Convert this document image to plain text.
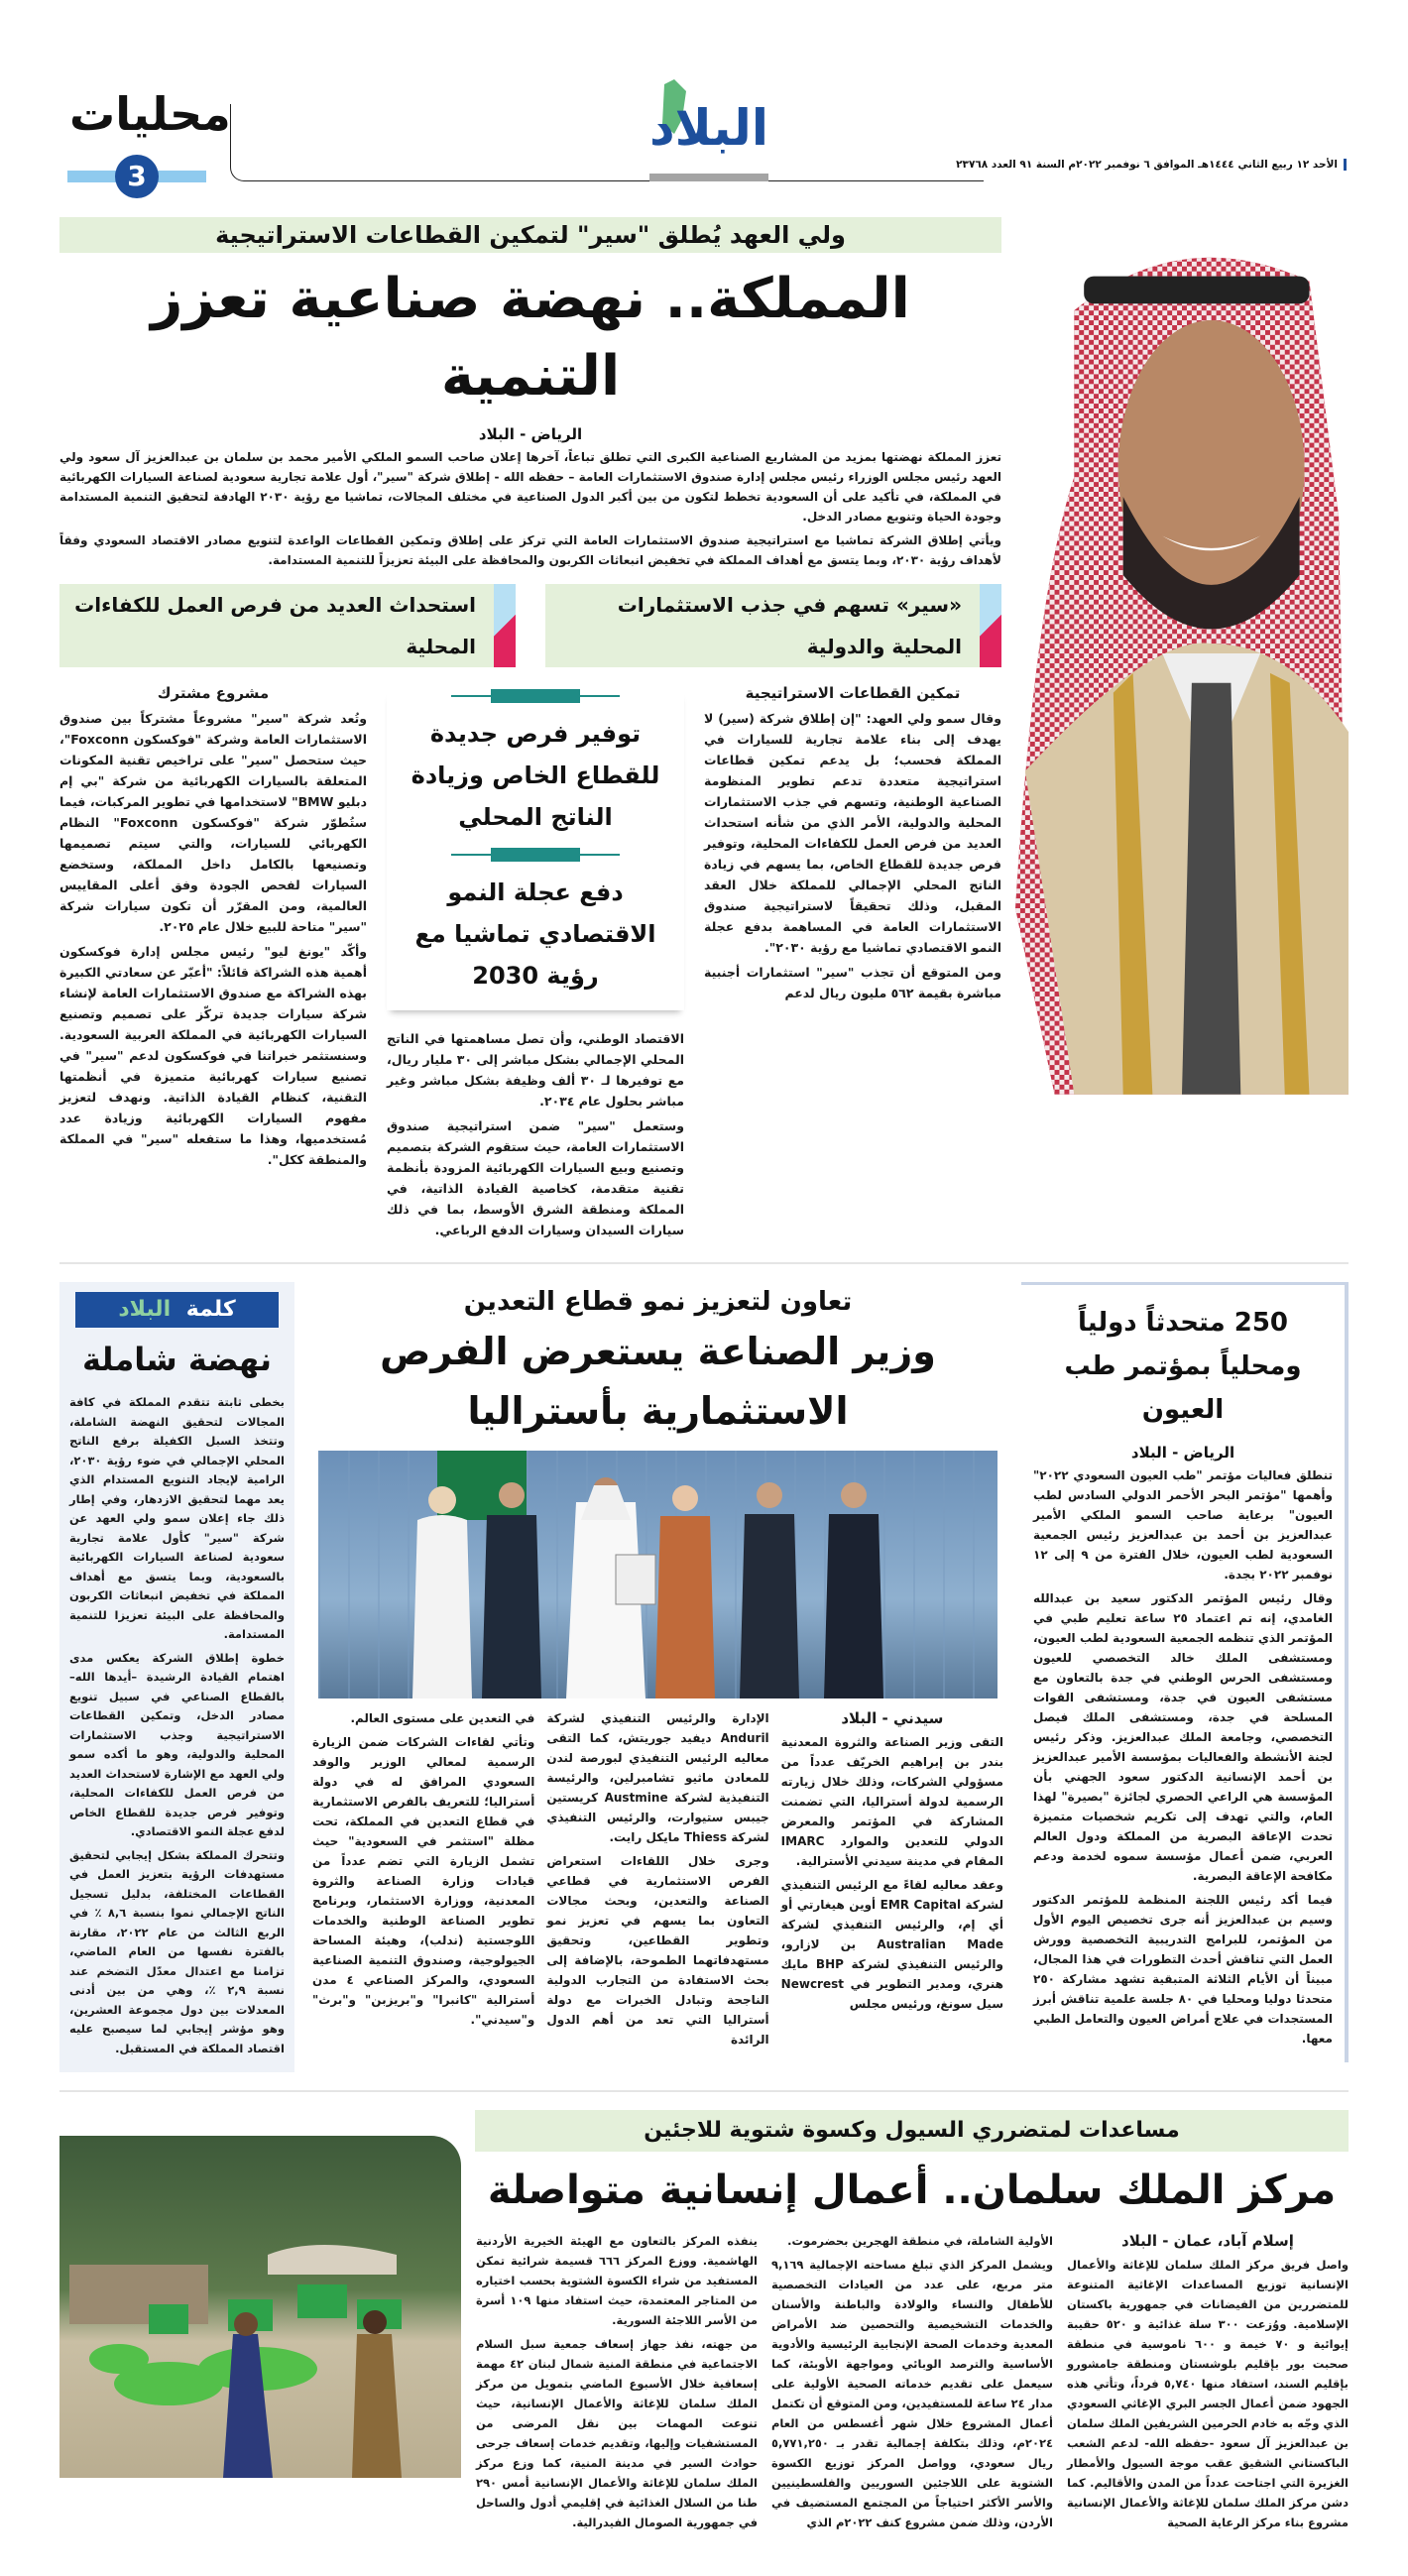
محليات
3
البلاد
الأحد ١٢ ربيع الثاني ١٤٤٤هـ الموافق ٦ نوفمبر ٢٠٢٢م السنة ٩١ العدد ٢٣٧٦٨
ولي العهد يُطلق "سير" لتمكين القطاعات الاستراتيجية
المملكة.. نهضة صناعية تعزز التنمية
الرياض - البلاد

تعزز المملكة نهضتها بمزيد من المشاريع الصناعية الكبرى التي تطلق تباعاً، آخرها إعلان صاحب السمو الملكي الأمير محمد بن سلمان بن عبدالعزيز آل سعود ولي العهد رئيس مجلس الوزراء رئيس مجلس إدارة صندوق الاستثمارات العامة – حفظه الله - إطلاق شركة "سير"، أول علامة تجارية سعودية لصناعة السيارات الكهربائية في المملكة، في تأكيد على أن السعودية تخطط لتكون من بين أكبر الدول الصناعية في مختلف المجالات، تماشيا مع رؤية ٢٠٣٠ الهادفة لتحقيق التنمية المستدامة وجودة الحياة وتنويع مصادر الدخل.

ويأتي إطلاق الشركة تماشيا مع استراتيجية صندوق الاستثمارات العامة التي تركز على إطلاق وتمكين القطاعات الواعدة لتنويع مصادر الاقتصاد السعودي وفقاً لأهداف رؤية ٢٠٣٠، وبما يتسق مع أهداف المملكة في تخفيض انبعاثات الكربون والمحافظة على البيئة تعزيزاً للتنمية المستدامة.

«سير» تسهم في جذب الاستثمارات المحلية والدولية
استحداث العديد من فرص العمل للكفاءات المحلية
تمكين القطاعات الاستراتيجية

وقال سمو ولي العهد: "إن إطلاق شركة (سير) لا يهدف إلى بناء علامة تجارية للسيارات في المملكة فحسب؛ بل يدعم تمكين قطاعات استراتيجية متعددة تدعم تطوير المنظومة الصناعية الوطنية، وتسهم في جذب الاستثمارات المحلية والدولية، الأمر الذي من شأنه استحداث العديد من فرص العمل للكفاءات المحلية، وتوفير فرص جديدة للقطاع الخاص، بما يسهم في زيادة الناتج المحلي الإجمالي للمملكة خلال العقد المقبل، وذلك تحقيقاً لاستراتيجية صندوق الاستثمارات العامة في المساهمة بدفع عجلة النمو الاقتصادي تماشيا مع رؤية ٢٠٣٠".

ومن المتوقع أن تجذب "سير" استثمارات أجنبية مباشرة بقيمة ٥٦٢ مليون ريال لدعم

توفير فرص جديدة للقطاع الخاص وزيادة الناتج المحلي
دفع عجلة النمو الاقتصادي تماشيا مع رؤية 2030

الاقتصاد الوطني، وأن تصل مساهمتها في الناتج المحلي الإجمالي بشكل مباشر إلى ٣٠ مليار ريال، مع توفيرها لـ ٣٠ ألف وظيفة بشكل مباشر وغير مباشر بحلول عام ٢٠٣٤.

وستعمل "سير" ضمن استراتيجية صندوق الاستثمارات العامة، حيث ستقوم الشركة بتصميم وتصنيع وبيع السيارات الكهربائية المزودة بأنظمة تقنية متقدمة، كخاصية القيادة الذاتية، في المملكة ومنطقة الشرق الأوسط، بما في ذلك سيارات السيدان وسيارات الدفع الرباعي.

مشروع مشترك

وتُعد شركة "سير" مشروعاً مشتركاً بين صندوق الاستثمارات العامة وشركة "فوكسكون Foxconn"، حيث ستحصل "سير" على تراخيص تقنية المكونات المتعلقة بالسيارات الكهربائية من شركة "بي إم دبليو BMW" لاستخدامها في تطوير المركبات، فيما ستُطوّر شركة "فوكسكون Foxconn" النظام الكهربائي للسيارات، والتي سيتم تصميمها وتصنيعها بالكامل داخل المملكة، وستخضع السيارات لفحص الجودة وفق أعلى المقاييس العالمية، ومن المقرّر أن تكون سيارات شركة "سير" متاحة للبيع خلال عام ٢٠٢٥.

وأكّد "يونغ ليو" رئيس مجلس إدارة فوكسكون أهمية هذه الشراكة قائلاً: "أعبّر عن سعادتي الكبيرة بهذه الشراكة مع صندوق الاستثمارات العامة لإنشاء شركة سيارات جديدة تركّز على تصميم وتصنيع السيارات الكهربائية في المملكة العربية السعودية. وسنستثمر خبراتنا في فوكسكون لدعم "سير" في تصنيع سيارات كهربائية متميزة في أنظمتها التقنية، كنظام القيادة الذاتية. ونهدف لتعزيز مفهوم السيارات الكهربائية وزيادة عدد مُستخدميها، وهذا ما ستفعله "سير" في المملكة والمنطقة ككل".

250 متحدثاً دولياً ومحلياً بمؤتمر طب العيون
الرياض - البلاد

تنطلق فعاليات مؤتمر "طب العيون السعودي ٢٠٢٢" وأهمها "مؤتمر البحر الأحمر الدولي السادس لطب العيون" برعاية صاحب السمو الملكي الأمير عبدالعزيز بن أحمد بن عبدالعزيز رئيس الجمعية السعودية لطب العيون، خلال الفترة من ٩ إلى ١٢ نوفمبر ٢٠٢٢ بجدة.

وقال رئيس المؤتمر الدكتور سعيد بن عبدالله الغامدي، إنه تم اعتماد ٢٥ ساعة تعليم طبي في المؤتمر الذي تنظمه الجمعية السعودية لطب العيون، ومستشفى الملك خالد التخصصي للعيون ومستشفى الحرس الوطني في جدة بالتعاون مع مستشفى العيون في جدة، ومستشفى القوات المسلحة في جدة، ومستشفى الملك فيصل التخصصي، وجامعة الملك عبدالعزيز. وذكر رئيس لجنة الأنشطة والفعاليات بمؤسسة الأمير عبدالعزيز بن أحمد الإنسانية الدكتور سعود الجهني بأن المؤسسة هي الراعي الحصري لجائزة "بصيرة" لهذا العام، والتي تهدف إلى تكريم شخصيات متميزة تحدت الإعاقة البصرية من المملكة ودول العالم العربي، ضمن أعمال مؤسسة سموه لخدمة ودعم مكافحة الإعاقة البصرية.

فيما أكد رئيس اللجنة المنظمة للمؤتمر الدكتور وسيم بن عبدالعزيز أنه جرى تخصيص اليوم الأول من المؤتمر، للبرامج التدريبية التخصصية وورش العمل التي تناقش أحدث التطورات في هذا المجال، مبيناً أن الأيام الثلاثة المتبقية تشهد مشاركة ٢٥٠ متحدثا دوليا ومحليا في ٨٠ جلسة علمية تناقش أبرز المستجدات في علاج أمراض العيون والتعامل الطبي معها.

تعاون لتعزيز نمو قطاع التعدين
وزير الصناعة يستعرض الفرص الاستثمارية بأستراليا
سيدني - البلاد

التقى وزير الصناعة والثروة المعدنية بندر بن إبراهيم الخريّف عدداً من مسؤولي الشركات، وذلك خلال زيارته الرسمية لدولة أستراليا، التي تضمنت المشاركة في المؤتمر والمعرض الدولي للتعدين والموارد IMARC المقام في مدينة سيدني الأسترالية.

وعقد معاليه لقاءً مع الرئيس التنفيذي لشركة EMR Capital أوين هيغارتي أو أي إم، والرئيس التنفيذي لشركة Australian Made بن لازارو، والرئيس التنفيذي لشركة BHP مايك هنري، ومدير التطوير في Newcrest سيل سونغ، ورئيس مجلس

الإدارة والرئيس التنفيذي لشركة Anduril ديفيد جوريتش، كما التقى معاليه الرئيس التنفيذي لبورصة لندن للمعادن ماثيو تشامبرلين، والرئيسة التنفيذية لشركة Austmine كريستين جيبس ستيوارت، والرئيس التنفيذي لشركة Thiess مايكل رايت.

وجرى خلال اللقاءات استعراض الفرص الاستثمارية في قطاعي الصناعة والتعدين، وبحث مجالات التعاون بما يسهم في تعزيز نمو وتطوير القطاعين، وتحقيق مستهدفاتهما الطموحة، بالإضافة إلى بحث الاستفادة من التجارب الدولية الناجحة وتبادل الخبرات مع دولة أستراليا التي تعد من أهم الدول الرائدة

في التعدين على مستوى العالم.

وتأتي لقاءات الشركات ضمن الزيارة الرسمية لمعالي الوزير والوفد السعودي المرافق له في دولة أستراليا؛ للتعريف بالفرص الاستثمارية في قطاع التعدين في المملكة، تحت مظلة "استثمر في السعودية" حيث تشمل الزيارة التي تضم عدداً من قيادات وزارة الصناعة والثروة المعدنية، ووزارة الاستثمار، وبرنامج تطوير الصناعة الوطنية والخدمات اللوجستية (ندلب)، وهيئة المساحة الجيولوجية، وصندوق التنمية الصناعية السعودي، والمركز الصناعي ٤ مدن أسترالية "كانبرا" و"بريزبن" و"برث" و"سيدني".

كلمة البلاد
نهضة شاملة

بخطى ثابتة تتقدم المملكة في كافة المجالات لتحقيق النهضة الشاملة، وتتخذ السبل الكفيلة برفع الناتج المحلي الإجمالي في ضوء رؤية ٢٠٣٠، الرامية لإيجاد التنويع المستدام الذي يعد مهما لتحقيق الازدهار، وفي إطار ذلك جاء إعلان سمو ولي العهد عن شركة "سير" كأول علامة تجارية سعودية لصناعة السيارات الكهربائية بالسعودية، وبما يتسق مع أهداف المملكة في تخفيض انبعاثات الكربون والمحافظة على البيئة تعزيزا للتنمية المستدامة.

خطوة إطلاق الشركة يعكس مدى اهتمام القيادة الرشيدة –أيدها الله– بالقطاع الصناعي في سبيل تنويع مصادر الدخل، وتمكين القطاعات الاستراتيجية وجذب الاستثمارات المحلية والدولية، وهو ما أكده سمو ولي العهد مع الإشارة لاستحداث العديد من فرص العمل للكفاءات المحلية، وتوفير فرص جديدة للقطاع الخاص لدفع عجلة النمو الاقتصادي.

وتتحرك المملكة بشكل إيجابي لتحقيق مستهدفات الرؤية بتعزيز العمل في القطاعات المختلفة، بدليل تسجيل الناتج الإجمالي نموا بنسبة ٨,٦ ٪ في الربع الثالث من عام ٢٠٢٢، مقارنة بالفترة نفسها من العام الماضي، تزامنا مع اعتدال معدّل التضخم عند نسبة ٢,٩ ٪، وهي من بين أدنى المعدلات بين دول مجموعة العشرين، وهو مؤشر إيجابي لما سيصبح عليه اقتصاد المملكة في المستقبل.

مساعدات لمتضرري السيول وكسوة شتوية للاجئين
مركز الملك سلمان.. أعمال إنسانية متواصلة
إسلام آباد، عمان - البلاد

واصل فريق مركز الملك سلمان للإغاثة والأعمال الإنسانية توزيع المساعدات الإغاثية المتنوعة للمتضررين من الفيضانات في جمهورية باكستان الإسلامية. ووُزعت ٣٠٠ سلة غذائية و ٥٢٠ حقيبة إيوائية و ٧٠ خيمة و ٦٠٠ ناموسية في منطقة صحبت بور بإقليم بلوشستان ومنطقة جامشورو بإقليم السند، استفاد منها ٥,٧٤٠ فرداً، وتأتي هذه الجهود ضمن أعمال الجسر البري الإغاثي السعودي الذي وجّه به خادم الحرمين الشريفين الملك سلمان بن عبدالعزيز آل سعود -حفظه الله- لدعم الشعب الباكستاني الشقيق عقب موجة السيول والأمطار الغزيرة التي اجتاحت عدداً من المدن والأقاليم. كما دشن مركز الملك سلمان للإغاثة والأعمال الإنسانية مشروع بناء مركز الرعاية الصحية

الأولية الشاملة، في منطقة الهجرين بحضرموت.

ويشمل المركز الذي تبلغ مساحته الإجمالية ٩,١٦٩ متر مربع، على عدد من العيادات التخصصية للأطفال والنساء والولادة والباطنة والأسنان والخدمات التشخيصية والتحصين ضد الأمراض المعدية وخدمات الصحة الإنجابية الرئيسية والأدوية الأساسية والترصد الوبائي ومواجهة الأوبئة، كما سيعمل على تقديم خدماته الصحية الأولية على مدار ٢٤ ساعة للمستفيدين، ومن المتوقع أن تكتمل أعمال المشروع خلال شهر أغسطس من العام ٢٠٢٤م، وذلك بتكلفة إجمالية تقدر بـ ٥,٧٧١,٢٥٠ ريال سعودي، وواصل المركز توزيع الكسوة الشتوية على اللاجئين السوريين والفلسطينيين والأسر الأكثر احتياجاً من المجتمع المستضيف في الأردن، وذلك ضمن مشروع كنف ٢٠٢٢م الذي

ينفذه المركز بالتعاون مع الهيئة الخيرية الأردنية الهاشمية. ووزع المركز ٦٦٦ قسيمة شرائية تمكن المستفيد من شراء الكسوة الشتوية بحسب اختياره من المتاجر المعتمدة، حيث استفاد منها ١٠٩ أسرة من الأسر اللاجئة السورية.

من جهته، نفذ جهاز إسعاف جمعية سبل السلام الاجتماعية في منطقة المنية شمال لبنان ٤٢ مهمة إسعافية خلال الأسبوع الماضي بتمويل من مركز الملك سلمان للإغاثة والأعمال الإنسانية، حيث تنوعت المهمات بين نقل المرضى من المستشفيات وإليها، وتقديم خدمات إسعاف جرحى حوادث السير في مدينة المنية، كما وزع مركز الملك سلمان للإغاثة والأعمال الإنسانية أمس ٢٩٠ طنا من السلال الغذائية في إقليمي أدول والساحل في جمهورية الصومال الفيدرالية.
